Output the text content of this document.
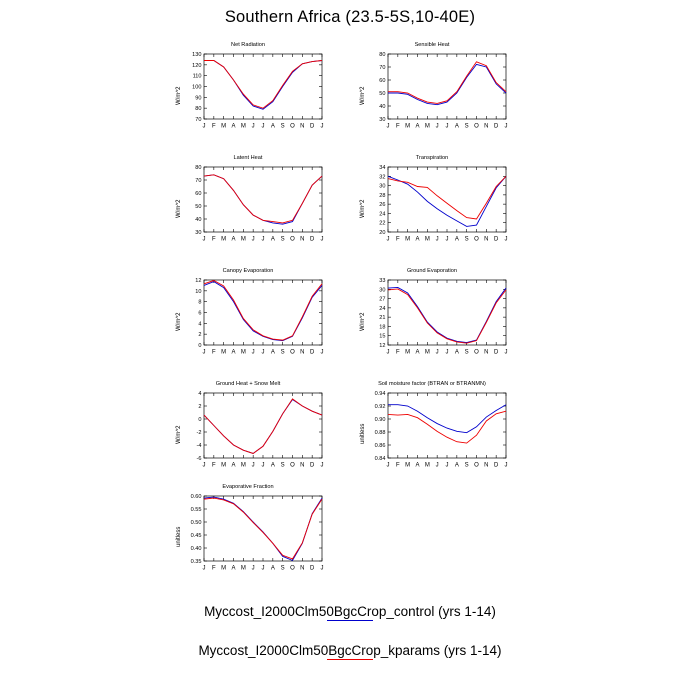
Southern Africa (23.5-5S,10-40E)
Net Radiation
W/m^2
70
80
90
100
110
120
130
J F M A M J J A S O N D J
Sensible Heat
W/m^2
30
40
50
60
70
80
J F M A M J J A S O N D J
Latent Heat
W/m^2
30
40
50
60
70
80
J F M A M J J A S O N D J
Transpiration
W/m^2
20
22
24
26
28
30
32
34
J F M A M J J A S O N D J
Canopy Evaporation
W/m^2
0
2
4
6
8
10
12
J F M A M J J A S O N D J
Ground Evaporation
W/m^2
12
15
18
21
24
27
30
33
J F M A M J J A S O N D J
Ground Heat + Snow Melt
W/m^2
-6
-4
-2
0
2
4
J F M A M J J A S O N D J
Soil moisture factor (BTRAN or BTRANMN)
unitless
0.84
0.86
0.88
0.90
0.92
0.94
J F M A M J J A S O N D J
Evaporative Fraction
unitless
0.35
0.40
0.45
0.50
0.55
0.60
J F M A M J J A S O N D J
Myccost_I2000Clm50BgcCrop_control (yrs 1-14)
Myccost_I2000Clm50BgcCrop_kparams (yrs 1-14)
